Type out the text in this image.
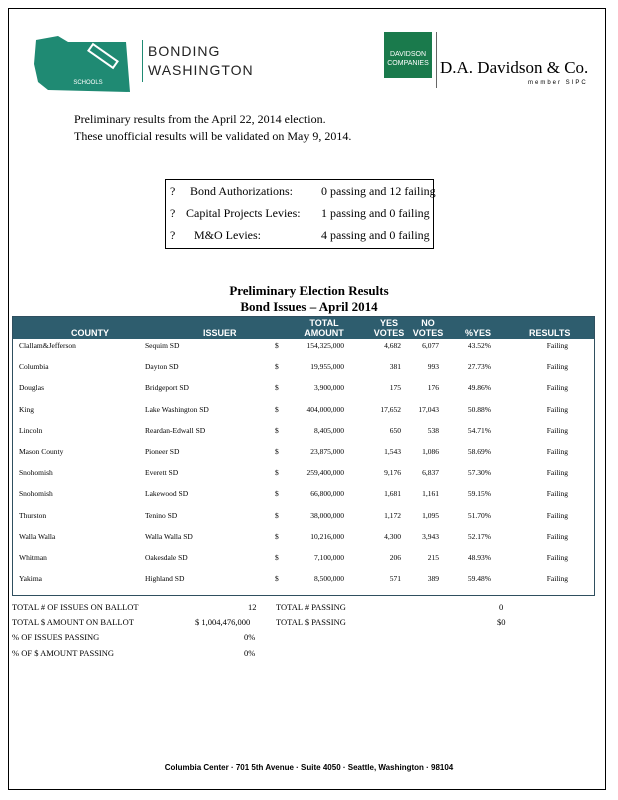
SCHOOLS
BONDING
WASHINGTON
DAVIDSON
COMPANIES D.A. Davidson & Co.
member SIPC
Preliminary results from the April 22, 2014 election.
These unofficial results will be validated on May 9, 2014.
? Bond Authorizations: 0 passing and 12 failing
? Capital Projects Levies: 1 passing and 0 failing
? M&O Levies:	4 passing and 0 failing
Preliminary Election Results
Bond Issues – April 2014
COUNTY	ISSUER
TOTAL
AMOUNT
YES
VOTES
NO
VOTES	%YES	RESULTS
Clallam&Jefferson	Sequim SD	$	154,325,000	4,682	6,077	43.52%	Failing
Columbia	Dayton SD	$	19,955,000	381	993	27.73%	Failing
Douglas	Bridgeport SD	$	3,900,000	175	176	49.86%	Failing
King	Lake Washington SD	$	404,000,000	17,652 17,043	50.88%	Failing
Lincoln	Reardan-Edwall SD	$	8,405,000	650	538	54.71%	Failing
Mason County	Pioneer SD	$	23,875,000	1,543	1,086	58.69%	Failing
Snohomish	Everett SD	$	259,400,000	9,176	6,837	57.30%	Failing
Snohomish	Lakewood SD	$	66,800,000	1,681	1,161	59.15%	Failing
Thurston	Tenino SD	$	38,000,000	1,172	1,095	51.70%	Failing
Walla Walla	Walla Walla SD	$	10,216,000	4,300	3,943	52.17%	Failing
Whitman	Oakesdale SD	$	7,100,000	206	215	48.93%	Failing
Yakima	Highland SD	$	8,500,000	571	389	59.48%	Failing
TOTAL # OF ISSUES ON BALLOT	12
TOTAL $ AMOUNT ON BALLOT	$ 1,004,476,000
% OF ISSUES PASSING	0%
% OF $ AMOUNT PASSING	0%
TOTAL # PASSING	0
TOTAL $ PASSING	$0
Columbia Center · 701 5th Avenue · Suite 4050 · Seattle, Washington · 98104
